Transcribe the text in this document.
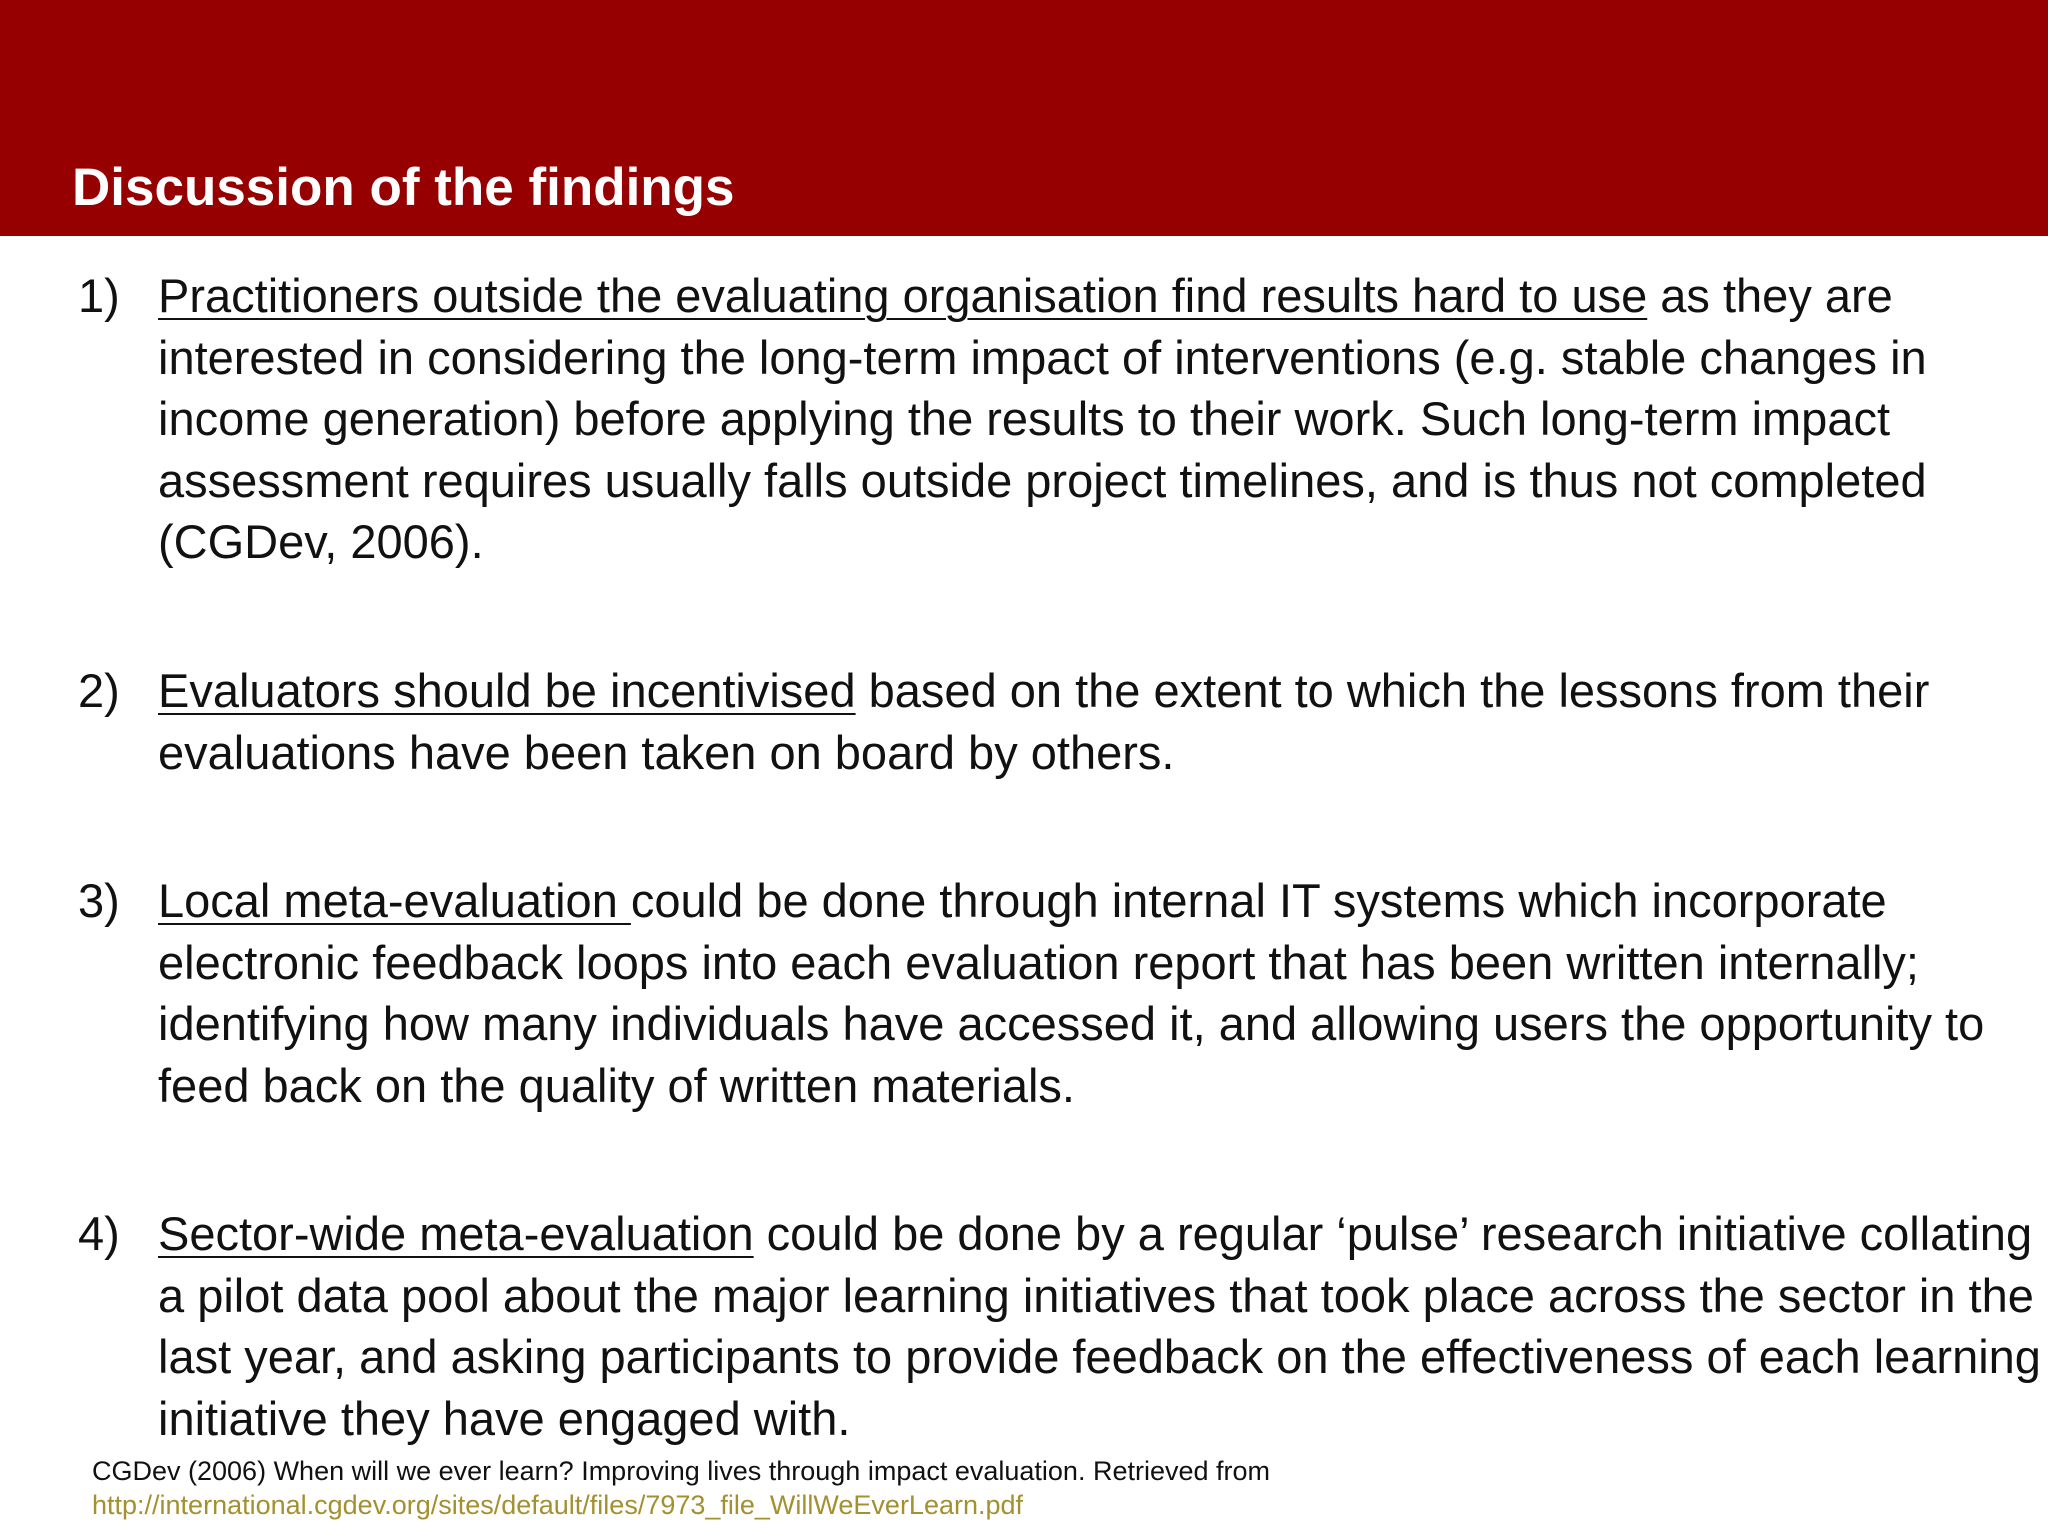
Discussion of the findings
1) Practitioners outside the evaluating organisation find results hard to use as they are interested in considering the long-term impact of interventions (e.g. stable changes in income generation) before applying the results to their work. Such long-term impact assessment requires usually falls outside project timelines, and is thus not completed (CGDev, 2006).
2) Evaluators should be incentivised based on the extent to which the lessons from their evaluations have been taken on board by others.
3) Local meta-evaluation could be done through internal IT systems which incorporate electronic feedback loops into each evaluation report that has been written internally; identifying how many individuals have accessed it, and allowing users the opportunity to feed back on the quality of written materials.
4) Sector-wide meta-evaluation could be done by a regular ‘pulse’ research initiative collating a pilot data pool about the major learning initiatives that took place across the sector in the last year, and asking participants to provide feedback on the effectiveness of each learning initiative they have engaged with.
CGDev (2006) When will we ever learn? Improving lives through impact evaluation. Retrieved from
http://international.cgdev.org/sites/default/files/7973_file_WillWeEverLearn.pdf
